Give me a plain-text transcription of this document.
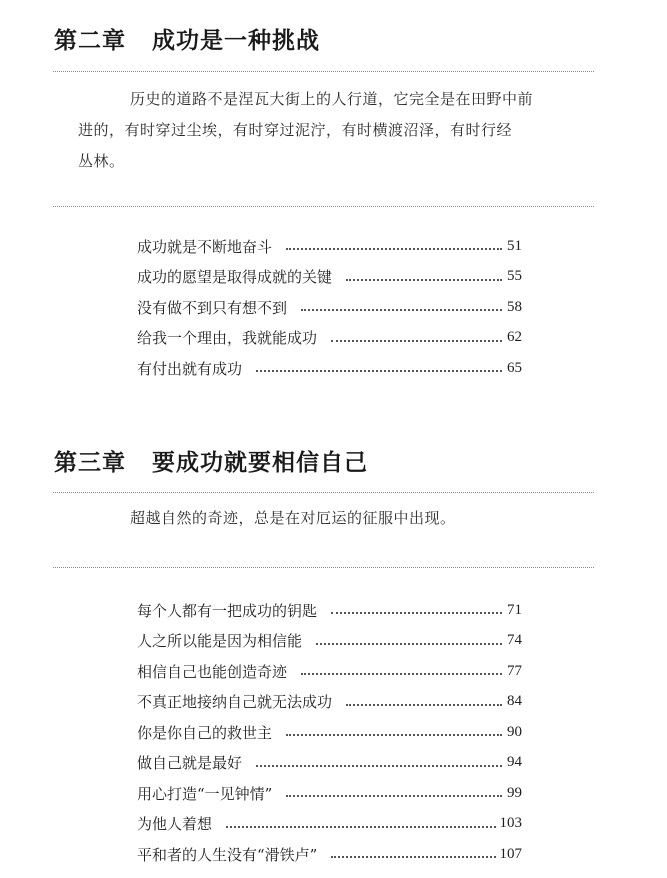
第二章 成功是一种挑战
历史的道路不是涅瓦大街上的人行道，它完全是在田野中前
进的，有时穿过尘埃，有时穿过泥泞，有时横渡沼泽，有时行经
丛林。
成功就是不断地奋斗	51
成功的愿望是取得成就的关键	55
没有做不到只有想不到	58
给我一个理由，我就能成功	62
有付出就有成功	65
第三章 要成功就要相信自己
超越自然的奇迹，总是在对厄运的征服中出现。
每个人都有一把成功的钥匙	71
人之所以能是因为相信能	74
相信自己也能创造奇迹	77
不真正地接纳自己就无法成功	84
你是你自己的救世主	90
做自己就是最好	94
用心打造“一见钟情”	99
为他人着想	103
平和者的人生没有“滑铁卢”	107
